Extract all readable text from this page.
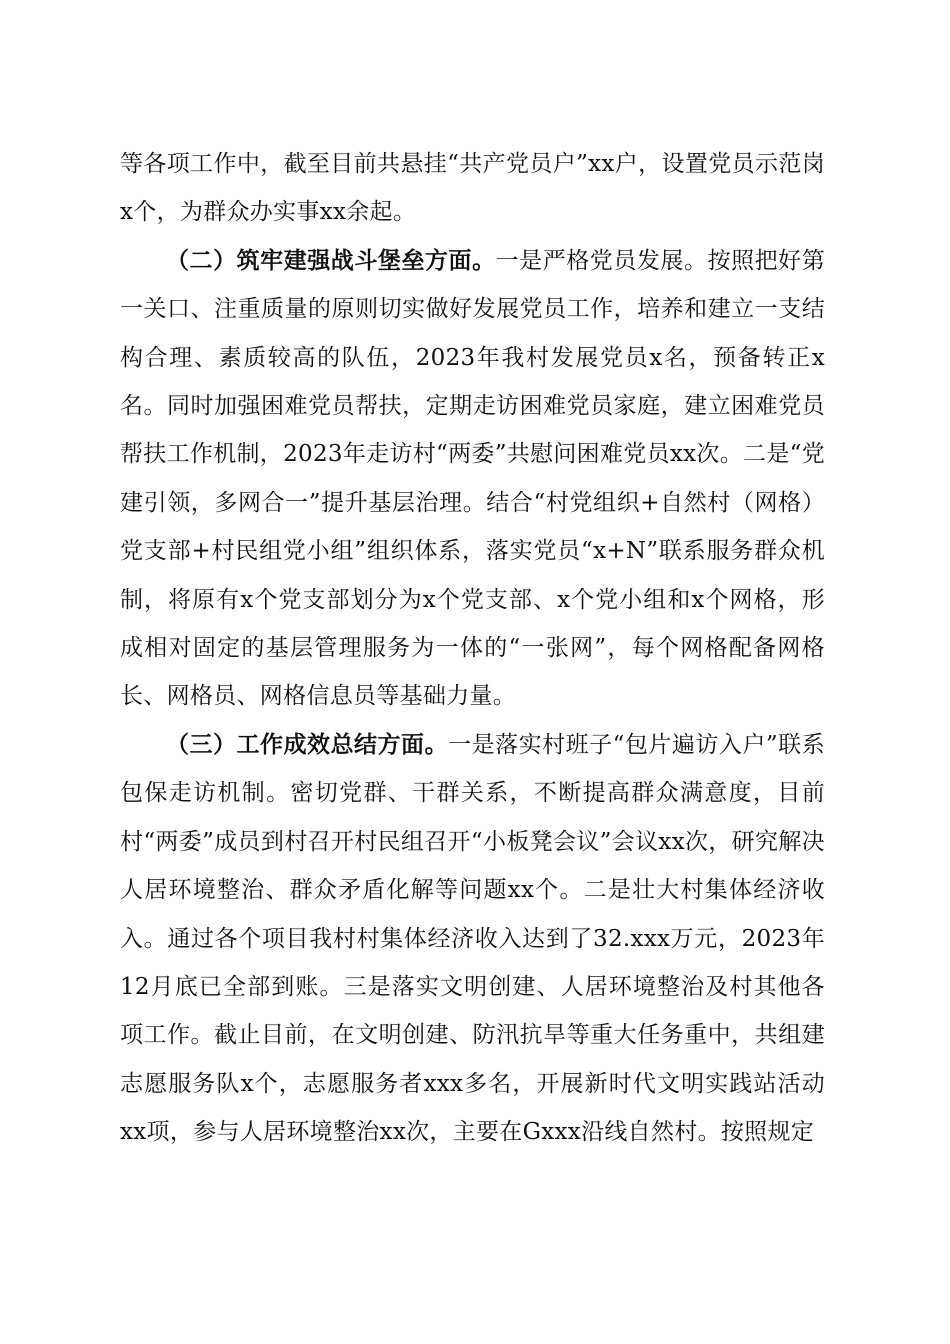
等各项工作中，截至目前共悬挂“共产党员户”xx户，设置党员示范岗x个，为群众办实事xx余起。

（二）筑牢建强战斗堡垒方面。一是严格党员发展。按照把好第一关口、注重质量的原则切实做好发展党员工作，培养和建立一支结构合理、素质较高的队伍，2023年我村发展党员x名，预备转正x名。同时加强困难党员帮扶，定期走访困难党员家庭，建立困难党员帮扶工作机制，2023年走访村“两委”共慰问困难党员xx次。二是“党建引领，多网合一”提升基层治理。结合“村党组织+自然村（网格）党支部+村民组党小组”组织体系，落实党员“x+N”联系服务群众机制，将原有x个党支部划分为x个党支部、x个党小组和x个网格，形成相对固定的基层管理服务为一体的“一张网”，每个网格配备网格长、网格员、网格信息员等基础力量。

（三）工作成效总结方面。一是落实村班子“包片遍访入户”联系包保走访机制。密切党群、干群关系，不断提高群众满意度，目前村“两委”成员到村召开村民组召开“小板凳会议”会议xx次，研究解决人居环境整治、群众矛盾化解等问题xx个。二是壮大村集体经济收入。通过各个项目我村村集体经济收入达到了32.xxx万元，2023年12月底已全部到账。三是落实文明创建、人居环境整治及村其他各项工作。截止目前，在文明创建、防汛抗旱等重大任务重中，共组建志愿服务队x个，志愿服务者xxx多名，开展新时代文明实践站活动xx项，参与人居环境整治xx次，主要在Gxxx沿线自然村。按照规定
